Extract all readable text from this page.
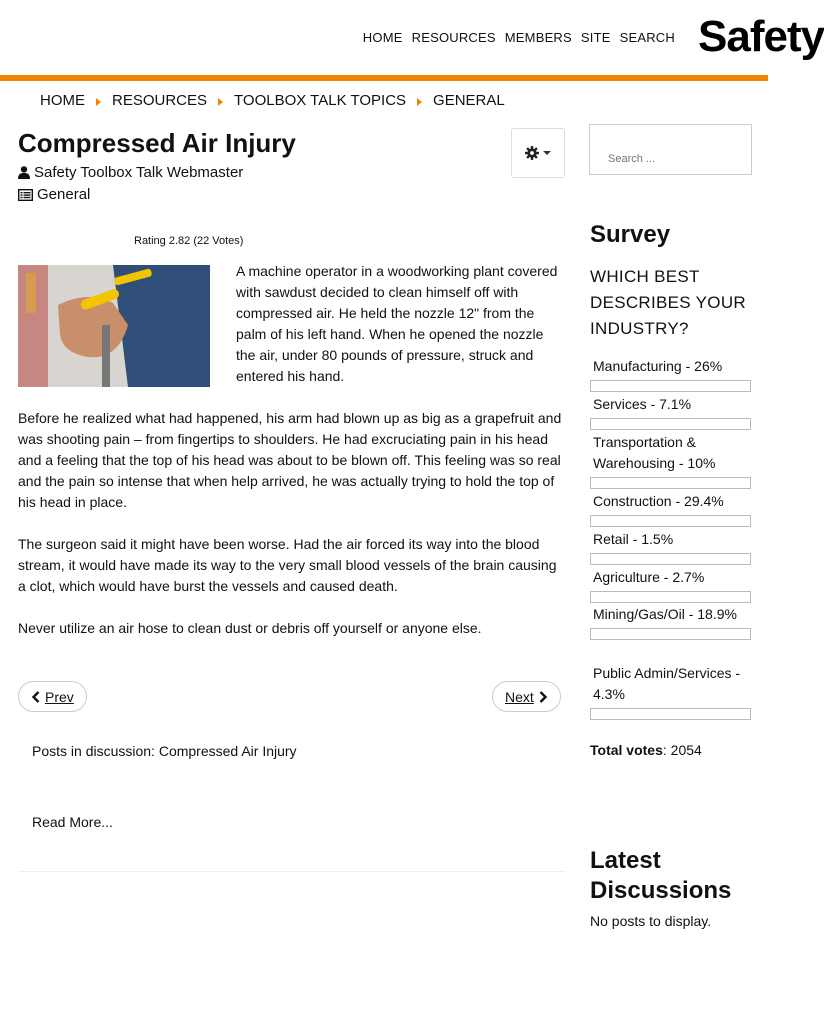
HOME RESOURCES MEMBERS SITE SEARCH Safety
HOME RESOURCES TOOLBOX TALK TOPICS GENERAL
Compressed Air Injury
Safety Toolbox Talk Webmaster
General
Rating 2.82 (22 Votes)

A machine operator in a woodworking plant covered with sawdust decided to clean himself off with compressed air. He held the nozzle 12" from the palm of his left hand. When he opened the nozzle the air, under 80 pounds of pressure, struck and entered his hand.

Before he realized what had happened, his arm had blown up as big as a grapefruit and was shooting pain – from fingertips to shoulders. He had excruciating pain in his head and a feeling that the top of his head was about to be blown off. This feeling was so real and the pain so intense that when help arrived, he was actually trying to hold the top of his head in place.

The surgeon said it might have been worse. Had the air forced its way into the blood stream, it would have made its way to the very small blood vessels of the brain causing a clot, which would have burst the vessels and caused death.

Never utilize an air hose to clean dust or debris off yourself or anyone else.

Prev	Next
Posts in discussion: Compressed Air Injury
Read More...
Search ...
Survey
WHICH BEST DESCRIBES YOUR INDUSTRY?
Manufacturing - 26%
Services - 7.1%
Transportation & Warehousing - 10%
Construction - 29.4%
Retail - 1.5%
Agriculture - 2.7%
Mining/Gas/Oil - 18.9%
Public Admin/Services - 4.3%
Total votes: 2054
Latest Discussions
No posts to display.
